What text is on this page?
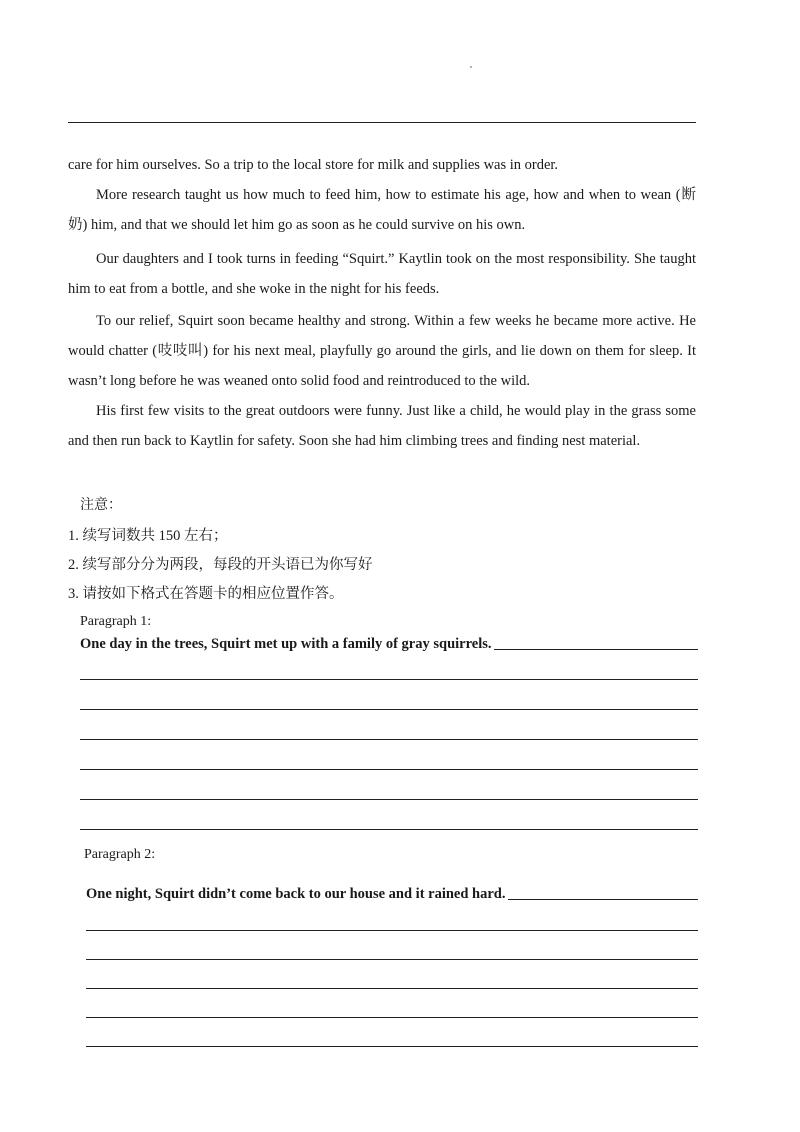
care for him ourselves. So a trip to the local store for milk and supplies was in order.

More research taught us how much to feed him, how to estimate his age, how and when to wean (断奶) him, and that we should let him go as soon as he could survive on his own.

Our daughters and I took turns in feeding “Squirt.” Kaytlin took on the most responsibility. She taught him to eat from a bottle, and she woke in the night for his feeds.

To our relief, Squirt soon became healthy and strong. Within a few weeks he became more active. He would chatter (吱吱叫) for his next meal, playfully go around the girls, and lie down on them for sleep. It wasn’t long before he was weaned onto solid food and reintroduced to the wild.

His first few visits to the great outdoors were funny. Just like a child, he would play in the grass some and then run back to Kaytlin for safety. Soon she had him climbing trees and finding nest material.

注意：

1. 续写词数共 150 左右；

2. 续写部分分为两段，每段的开头语已为你写好

3. 请按如下格式在答题卡的相应位置作答。

Paragraph 1:

One day in the trees, Squirt met up with a family of gray squirrels.

Paragraph 2:

One night, Squirt didn’t come back to our house and it rained hard.
